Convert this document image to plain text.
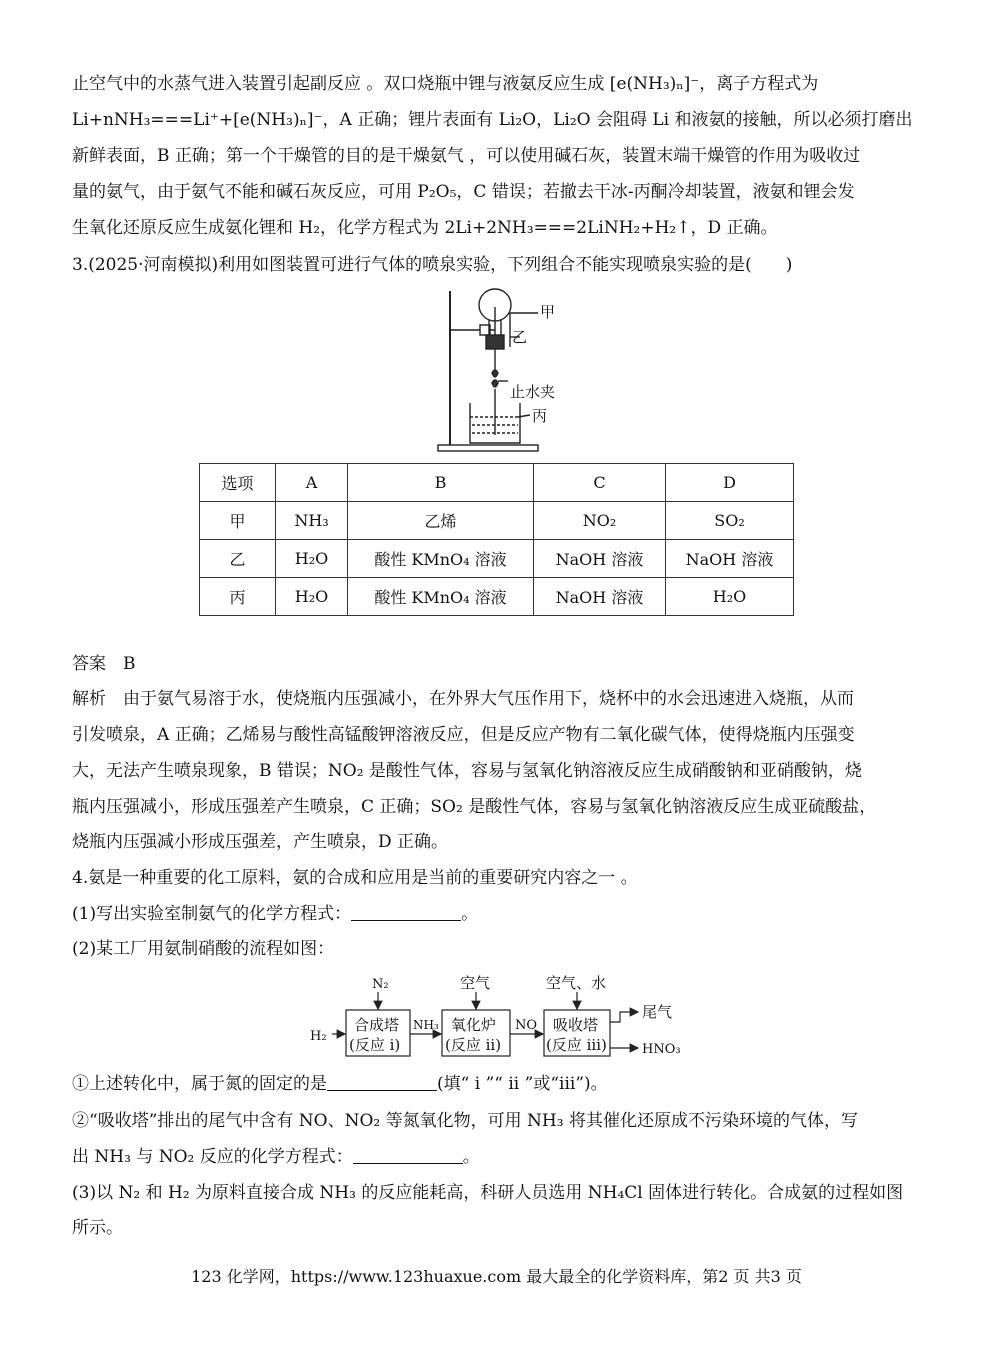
止空气中的水蒸气进入装置引起副反应 。双口烧瓶中锂与液氨反应生成 [e(NH₃)ₙ]⁻，离子方程式为
Li+nNH₃===Li⁺+[e(NH₃)ₙ]⁻，A 正确；锂片表面有 Li₂O，Li₂O 会阻碍 Li 和液氨的接触，所以必须打磨出
新鲜表面，B 正确；第一个干燥管的目的是干燥氨气 ，可以使用碱石灰，装置末端干燥管的作用为吸收过
量的氨气，由于氨气不能和碱石灰反应，可用 P₂O₅，C 错误；若撤去干冰-丙酮冷却装置，液氨和锂会发
生氧化还原反应生成氨化锂和 H₂，化学方程式为 2Li+2NH₃===2LiNH₂+H₂↑，D 正确。
3.(2025·河南模拟)利用如图装置可进行气体的喷泉实验，下列组合不能实现喷泉实验的是(　　)
甲
乙
止水夹
丙
选项	A	B	C	D
甲	NH₃	乙烯	NO₂	SO₂
乙	H₂O	酸性 KMnO₄ 溶液	NaOH 溶液	NaOH 溶液
丙	H₂O	酸性 KMnO₄ 溶液	NaOH 溶液	H₂O
答案　B
解析　由于氨气易溶于水，使烧瓶内压强减小，在外界大气压作用下，烧杯中的水会迅速进入烧瓶，从而
引发喷泉，A 正确；乙烯易与酸性高锰酸钾溶液反应，但是反应产物有二氧化碳气体，使得烧瓶内压强变
大，无法产生喷泉现象，B 错误；NO₂ 是酸性气体，容易与氢氧化钠溶液反应生成硝酸钠和亚硝酸钠，烧
瓶内压强减小，形成压强差产生喷泉，C 正确；SO₂ 是酸性气体，容易与氢氧化钠溶液反应生成亚硫酸盐，
烧瓶内压强减小形成压强差，产生喷泉，D 正确。
4.氨是一种重要的化工原料，氨的合成和应用是当前的重要研究内容之一 。
(1)写出实验室制氨气的化学方程式：	。
(2)某工厂用氨制硝酸的流程如图：
N₂
H₂
合成塔
(反应 i)
NH₃
空气
氧化炉
(反应 ii)
NO
空气、水
吸收塔
(反应 iii)
尾气
HNO₃
①上述转化中，属于氮的固定的是	(填“ i ”“ ii ”或“iii”)。
②“吸收塔”排出的尾气中含有 NO、NO₂ 等氮氧化物，可用 NH₃ 将其催化还原成不污染环境的气体，写
出 NH₃ 与 NO₂ 反应的化学方程式：	。
(3)以 N₂ 和 H₂ 为原料直接合成 NH₃ 的反应能耗高，科研人员选用 NH₄Cl 固体进行转化。合成氨的过程如图
所示。
123 化学网，https://www.123huaxue.com 最大最全的化学资料库，第2 页 共3 页
